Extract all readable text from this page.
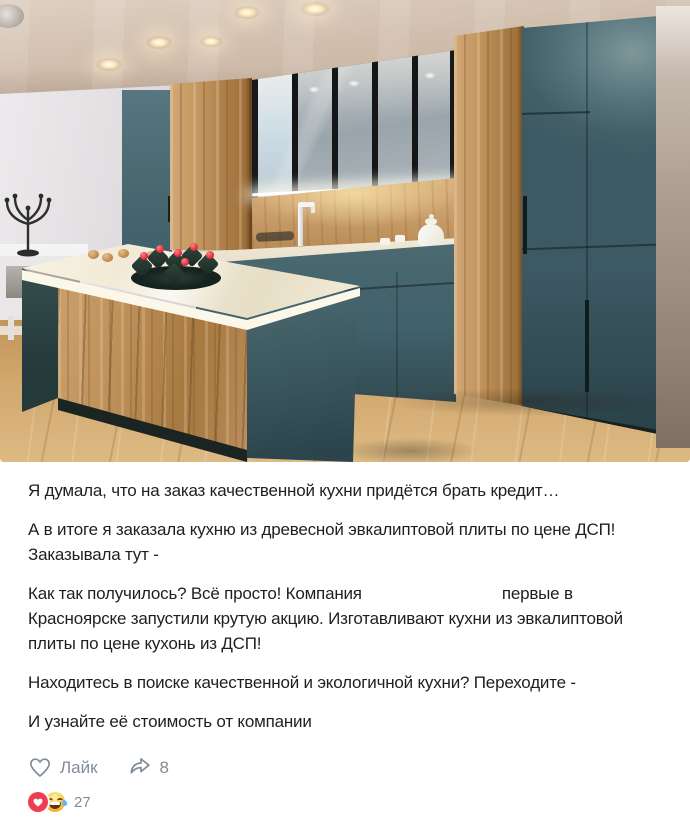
Я думала, что на заказ качественной кухни придётся брать кредит…

А в итоге я заказала кухню из древесной эвкалиптовой плиты по цене ДСП! Заказывала тут -

Как так получилось? Всё просто! Компания	первые в Красноярске запустили крутую акцию. Изготавливают кухни из эвкалиптовой плиты по цене кухонь из ДСП!

Находитесь в поиске качественной и экологичной кухни? Переходите -

И узнайте её стоимость от компании

Лайк	8
27
